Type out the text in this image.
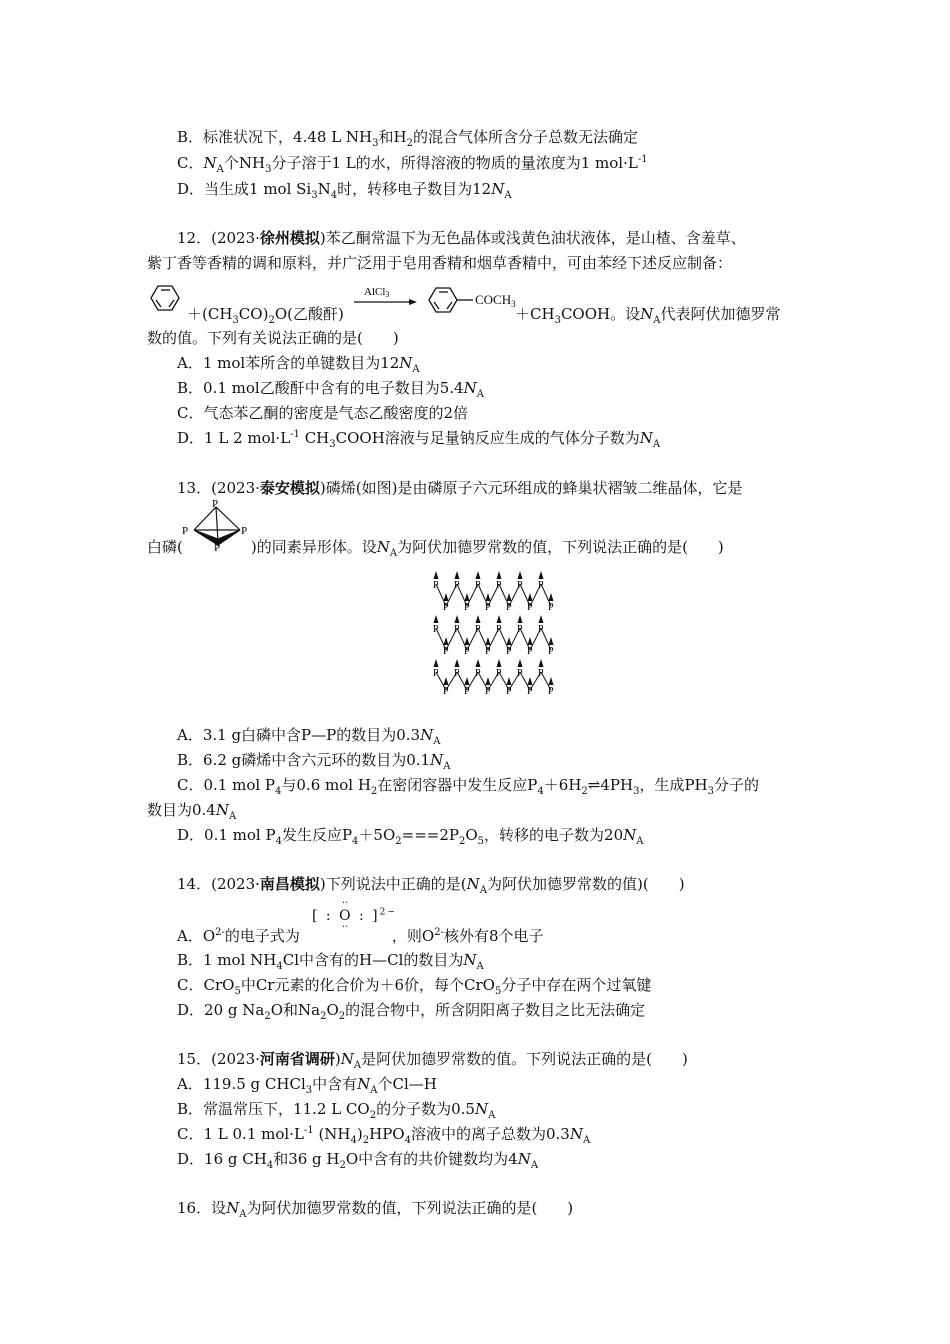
B．标准状况下，4.48 L $NH_3$和$H_2$的混合气体所含分子总数无法确定
C．$N_A$个$NH_3$分子溶于1 L的水，所得溶液的物质的量浓度为1 $mol\cdot L^{-1}$
D．当生成1 mol $Si_3N_4$时，转移电子数目为$12N_A$
12．(2023·徐州模拟)苯乙酮常温下为无色晶体或浅黄色油状液体，是山楂、含羞草、
紫丁香等香精的调和原料，并广泛用于皂用香精和烟草香精中，可由苯经下述反应制备：
AlCl3	$COCH_3$
$+(CH_3CO)_2O$(乙酸酐)	$+CH_3COOH$。设$N_A$代表阿伏加德罗常
数的值。下列有关说法正确的是(　　)
A．1 mol苯所含的单键数目为$12N_A$
B．0.1 mol乙酸酐中含有的电子数目为$5.4N_A$
C．气态苯乙酮的密度是气态乙酸密度的2倍
D．1 L 2 $mol\cdot L^{-1}$ $CH_3COOH$溶液与足量钠反应生成的气体分子数为$N_A$
13．(2023·泰安模拟)磷烯(如图)是由磷原子六元环组成的蜂巢状褶皱二维晶体，它是
白磷(	)的同素异形体。设$N_A$为阿伏加德罗常数的值，下列说法正确的是(　　)
P
P	P
P
P P P P P P
P P P P P P
P P P P P P
P P P P P P
P P P P P P
P P P P P P
A．3.1 g白磷中含P—P的数目为$0.3N_A$
B．6.2 g磷烯中含六元环的数目为$0.1N_A$
C．0.1 mol $P_4$与0.6 mol $H_2$在密闭容器中发生反应$P_4+6H_2\rightleftharpoons 4PH_3$，生成$PH_3$分子的
数目为$0.4N_A$
D．0.1 mol $P_4$发生反应$P_4+5O_2===2P_2O_5$，转移的电子数为$20N_A$
14．(2023·南昌模拟)下列说法中正确的是($N_A$为阿伏加德罗常数的值)(　　)
A．$O^{2-}$的电子式为	，则$O^{2-}$核外有8个电子
[ : O : ]$^{2-}$
··
··
B．1 mol $NH_4Cl$中含有的H—Cl的数目为$N_A$
C．CrO$_5$中Cr元素的化合价为＋6价，每个CrO$_5$分子中存在两个过氧键
D．20 g $Na_2O$和$Na_2O_2$的混合物中，所含阴阳离子数目之比无法确定
15．(2023·河南省调研)$N_A$是阿伏加德罗常数的值。下列说法正确的是(　　)
A．119.5 g CHCl$_3$中含有$N_A$个Cl—H
B．常温常压下，11.2 L $CO_2$的分子数为$0.5N_A$
C．1 L 0.1 $mol\cdot L^{-1}$ $(NH_4)_2HPO_4$溶液中的离子总数为$0.3N_A$
D．16 g $CH_4$和36 g $H_2O$中含有的共价键数均为$4N_A$
16．设$N_A$为阿伏加德罗常数的值，下列说法正确的是(　　)
